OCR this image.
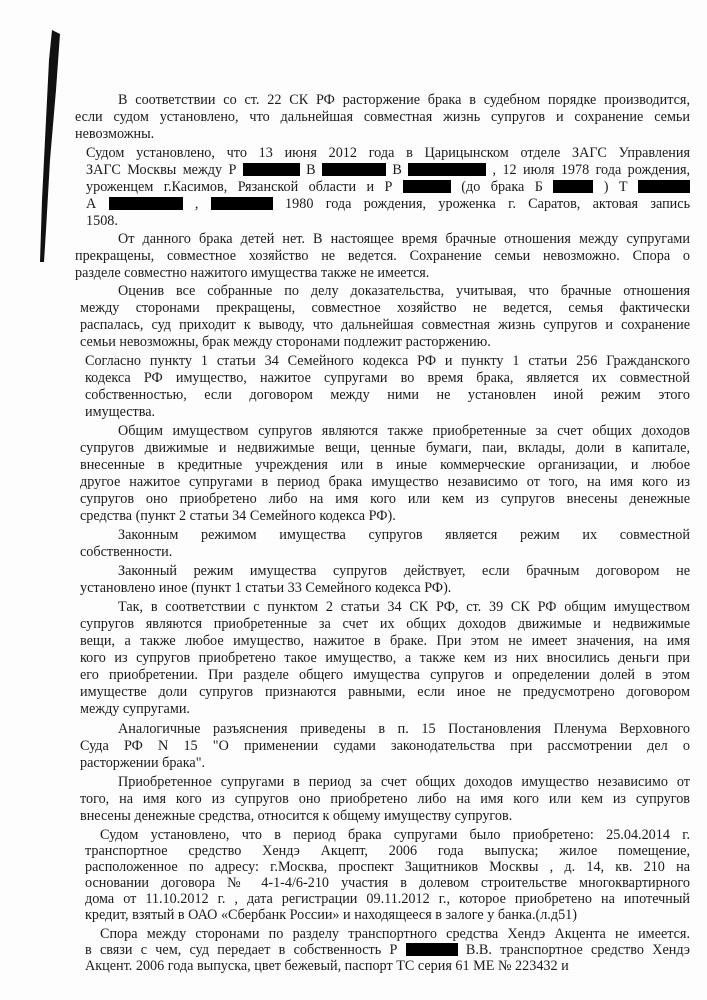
В соответствии со ст. 22 СК РФ расторжение брака в судебном порядке производится,
если судом установлено, что дальнейшая совместная жизнь супругов и сохранение семьи
невозможны.
Судом установлено, что 13 июня 2012 года в Царицынском отделе ЗАГС Управления
ЗАГС Москвы между Р	В	В	, 12 июля 1978 года рождения,
уроженцем г.Касимов, Рязанской области и Р	(до брака Б	) Т
А	,	1980 года рождения, уроженка г. Саратов, актовая запись
1508.
От данного брака детей нет. В настоящее время брачные отношения между супругами
прекращены, совместное хозяйство не ведется. Сохранение семьи невозможно. Спора о
разделе совместно нажитого имущества также не имеется.
Оценив все собранные по делу доказательства, учитывая, что брачные отношения
между сторонами прекращены, совместное хозяйство не ведется, семья фактически
распалась, суд приходит к выводу, что дальнейшая совместная жизнь супругов и сохранение
семьи невозможны, брак между сторонами подлежит расторжению.
Согласно пункту 1 статьи 34 Семейного кодекса РФ и пункту 1 статьи 256 Гражданского
кодекса РФ имущество, нажитое супругами во время брака, является их совместной
собственностью, если договором между ними не установлен иной режим этого
имущества.
Общим имуществом супругов являются также приобретенные за счет общих доходов
супругов движимые и недвижимые вещи, ценные бумаги, паи, вклады, доли в капитале,
внесенные в кредитные учреждения или в иные коммерческие организации, и любое
другое нажитое супругами в период брака имущество независимо от того, на имя кого из
супругов оно приобретено либо на имя кого или кем из супругов внесены денежные
средства (пункт 2 статьи 34 Семейного кодекса РФ).
Законным режимом имущества супругов является режим их совместной
собственности.
Законный режим имущества супругов действует, если брачным договором не
установлено иное (пункт 1 статьи 33 Семейного кодекса РФ).
Так, в соответствии с пунктом 2 статьи 34 СК РФ, ст. 39 СК РФ общим имуществом
супругов являются приобретенные за счет их общих доходов движимые и недвижимые
вещи, а также любое имущество, нажитое в браке. При этом не имеет значения, на имя
кого из супругов приобретено такое имущество, а также кем из них вносились деньги при
его приобретении. При разделе общего имущества супругов и определении долей в этом
имуществе доли супругов признаются равными, если иное не предусмотрено договором
между супругами.
Аналогичные разъяснения приведены в п. 15 Постановления Пленума Верховного
Суда РФ N 15 "О применении судами законодательства при рассмотрении дел о
расторжении брака".
Приобретенное супругами в период за счет общих доходов имущество независимо от
того, на имя кого из супругов оно приобретено либо на имя кого или кем из супругов
внесены денежные средства, относится к общему имуществу супругов.
Судом установлено, что в период брака супругами было приобретено: 25.04.2014 г.
транспортное средство Хендэ Акцепт, 2006 года выпуска; жилое помещение,
расположенное по адресу: г.Москва, проспект Защитников Москвы , д. 14, кв. 210 на
основании договора № 4-1-4/6-210 участия в долевом строительстве многоквартирного
дома от 11.10.2012 г. , дата регистрации 09.11.2012 г., которое приобретено на ипотечный
кредит, взятый в ОАО «Сбербанк России» и находящееся в залоге у банка.(л.д51)
Спора между сторонами по разделу транспортного средства Хендэ Акцента не имеется.
в связи с чем, суд передает в собственность Р	В.В. транспортное средство Хендэ
Акцент. 2006 года выпуска, цвет бежевый, паспорт ТС серия 61 МЕ № 223432 и
